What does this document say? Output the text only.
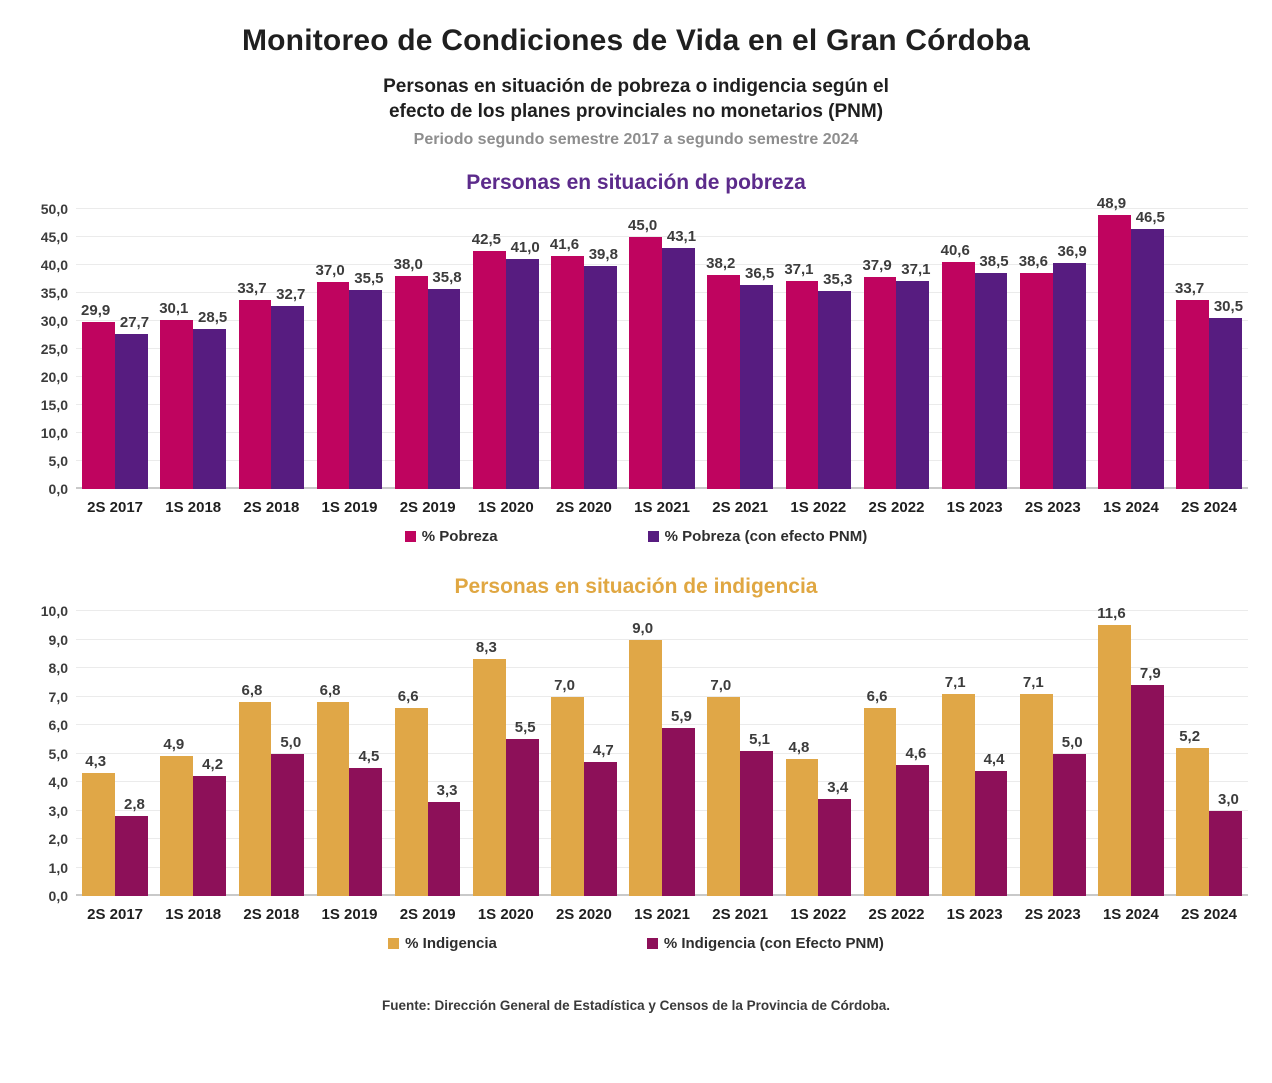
Monitoreo de Condiciones de Vida en el Gran Córdoba
Personas en situación de pobreza o indigencia según el
efecto de los planes provinciales no monetarios (PNM)
Periodo segundo semestre 2017 a segundo semestre 2024
Personas en situación de pobreza
0,0
5,0
10,0
15,0
20,0
25,0
30,0
35,0
40,0
45,0
50,0
29,9
27,7
30,1
28,5
33,7 32,7
37,0 35,5
38,0
35,8
42,5 41,0 41,6
39,8
45,0
43,1
38,2
36,5 37,1
35,3
37,9 37,1
40,6
38,5 38,6
36,9
48,9
46,5
33,7
30,5
2S 2017	1S 2018	2S 2018	1S 2019	2S 2019	1S 2020	2S 2020	1S 2021	2S 2021	1S 2022	2S 2022	1S 2023	2S 2023	1S 2024	2S 2024
% Pobreza	% Pobreza (con efecto PNM)
Personas en situación de indigencia
0,0
1,0
2,0
3,0
4,0
5,0
6,0
7,0
8,0
9,0
10,0
4,3
2,8
4,9
4,2
6,8
5,0
6,8
4,5
6,6
3,3
8,3
5,5
7,0
4,7
9,0
5,9
7,0
5,1
4,8
3,4
6,6
4,6
7,1
4,4
7,1
5,0
11,6
7,9
5,2
3,0
2S 2017	1S 2018	2S 2018	1S 2019	2S 2019	1S 2020	2S 2020	1S 2021	2S 2021	1S 2022	2S 2022	1S 2023	2S 2023	1S 2024	2S 2024
% Indigencia	% Indigencia (con Efecto PNM)
Fuente: Dirección General de Estadística y Censos de la Provincia de Córdoba.
